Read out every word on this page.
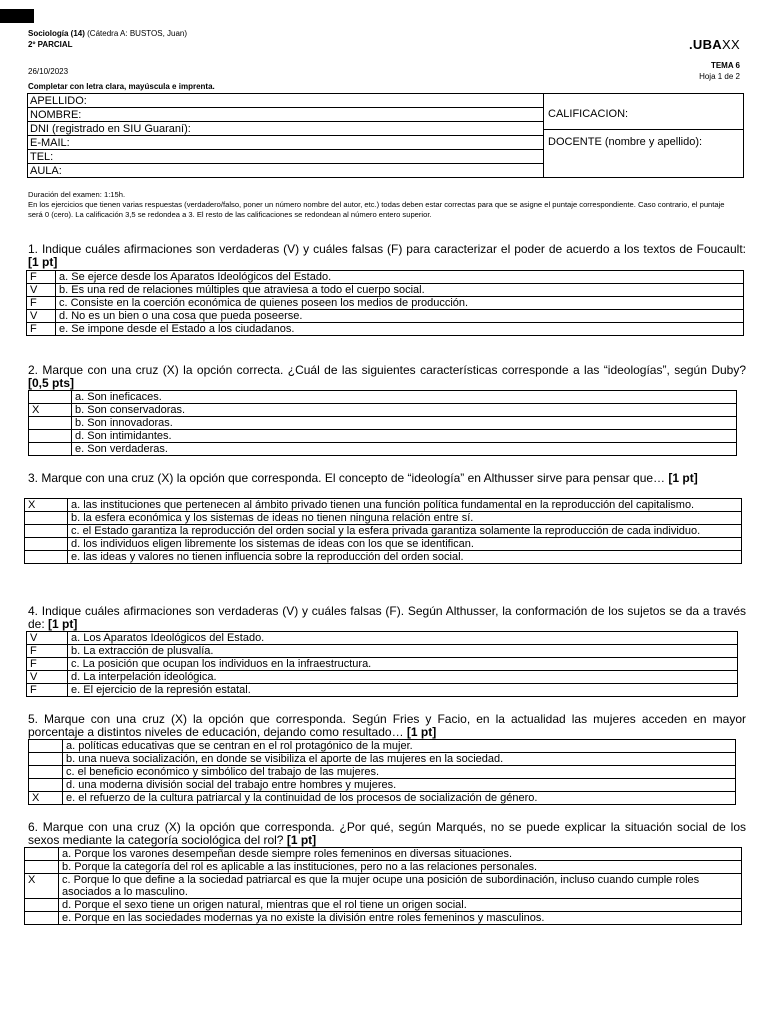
Sociología (14) (Cátedra A: BUSTOS, Juan)
2º PARCIAL	.UBAXX
26/10/2023
TEMA 6
Hoja 1 de 2
Completar con letra clara, mayúscula e imprenta.
APELLIDO:
NOMBRE:
DNI (registrado en SIU Guaraní):
E-MAIL:
TEL:
AULA:
CALIFICACION:
DOCENTE (nombre y apellido):
Duración del examen: 1:15h.
En los ejercicios que tienen varias respuestas (verdadero/falso, poner un número nombre del autor, etc.) todas deben estar correctas para que se asigne el puntaje correspondiente. Caso contrario, el puntaje será 0 (cero). La calificación 3,5 se redondea a 3. El resto de las calificaciones se redondean al número entero superior.
1. Indique cuáles afirmaciones son verdaderas (V) y cuáles falsas (F) para caracterizar el poder de acuerdo a los textos de Foucault: [1 pt]
F	a. Se ejerce desde los Aparatos Ideológicos del Estado.
V	b. Es una red de relaciones múltiples que atraviesa a todo el cuerpo social.
F	c. Consiste en la coerción económica de quienes poseen los medios de producción.
V	d. No es un bien o una cosa que pueda poseerse.
F	e. Se impone desde el Estado a los ciudadanos.
2. Marque con una cruz (X) la opción correcta. ¿Cuál de las siguientes características corresponde a las “ideologías”, según Duby? [0,5 pts]
	a. Son ineficaces.
X	b. Son conservadoras.
	b. Son innovadoras.
	d. Son intimidantes.
	e. Son verdaderas.
3. Marque con una cruz (X) la opción que corresponda. El concepto de “ideología” en Althusser sirve para pensar que… [1 pt]
X	a. las instituciones que pertenecen al ámbito privado tienen una función política fundamental en la reproducción del capitalismo.
	b. la esfera económica y los sistemas de ideas no tienen ninguna relación entre sí.
	c. el Estado garantiza la reproducción del orden social y la esfera privada garantiza solamente la reproducción de cada individuo.
	d. los individuos eligen libremente los sistemas de ideas con los que se identifican.
	e. las ideas y valores no tienen influencia sobre la reproducción del orden social.
4. Indique cuáles afirmaciones son verdaderas (V) y cuáles falsas (F). Según Althusser, la conformación de los sujetos se da a través de: [1 pt]
V	a. Los Aparatos Ideológicos del Estado.
F	b. La extracción de plusvalía.
F	c. La posición que ocupan los individuos en la infraestructura.
V	d. La interpelación ideológica.
F	e. El ejercicio de la represión estatal.
5. Marque con una cruz (X) la opción que corresponda. Según Fries y Facio, en la actualidad las mujeres acceden en mayor porcentaje a distintos niveles de educación, dejando como resultado… [1 pt]
	a. políticas educativas que se centran en el rol protagónico de la mujer.
	b. una nueva socialización, en donde se visibiliza el aporte de las mujeres en la sociedad.
	c. el beneficio económico y simbólico del trabajo de las mujeres.
	d. una moderna división social del trabajo entre hombres y mujeres.
X	e. el refuerzo de la cultura patriarcal y la continuidad de los procesos de socialización de género.
6. Marque con una cruz (X) la opción que corresponda. ¿Por qué, según Marqués, no se puede explicar la situación social de los sexos mediante la categoría sociológica del rol? [1 pt]
	a. Porque los varones desempeñan desde siempre roles femeninos en diversas situaciones.
	b. Porque la categoría del rol es aplicable a las instituciones, pero no a las relaciones personales.
X	c. Porque lo que define a la sociedad patriarcal es que la mujer ocupe una posición de subordinación, incluso cuando cumple roles asociados a lo masculino.
	d. Porque el sexo tiene un origen natural, mientras que el rol tiene un origen social.
	e. Porque en las sociedades modernas ya no existe la división entre roles femeninos y masculinos.
